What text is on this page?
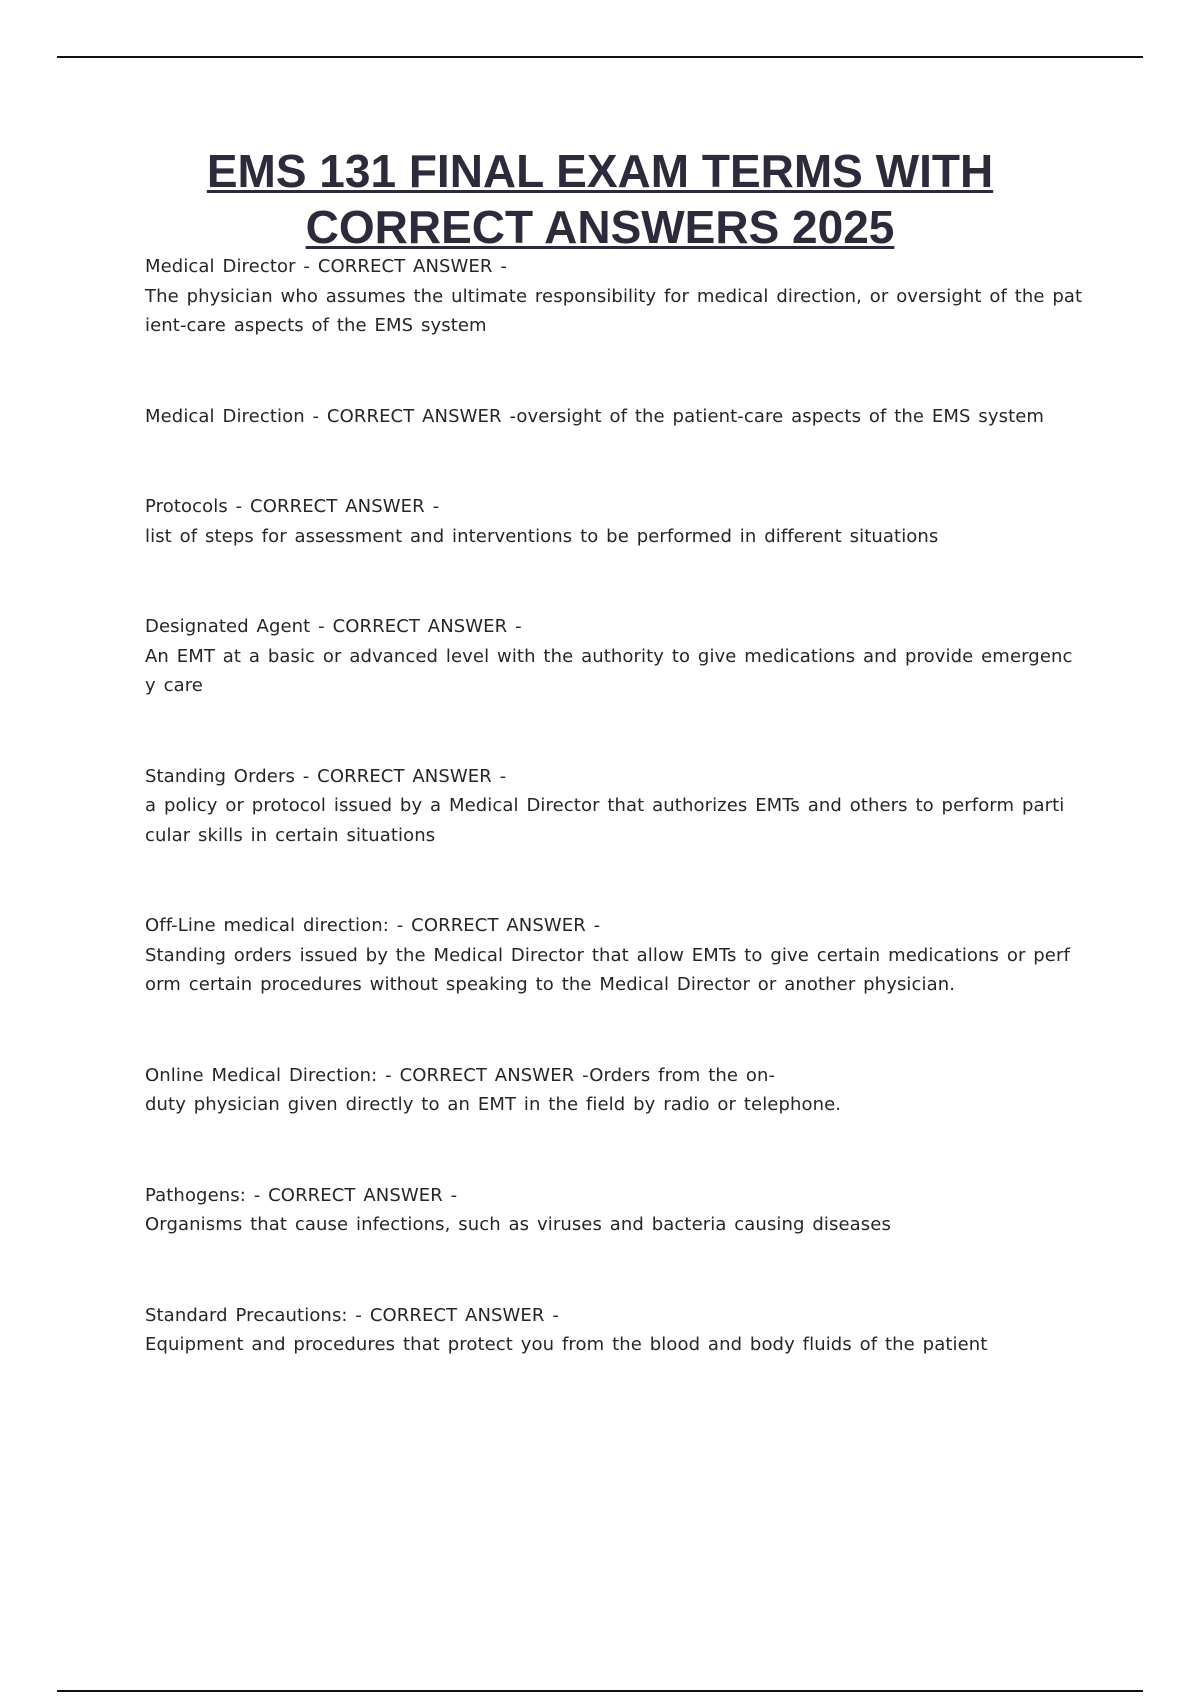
EMS 131 FINAL EXAM TERMS WITH
CORRECT ANSWERS 2025
Medical Director - CORRECT ANSWER -
The physician who assumes the ultimate responsibility for medical direction, or oversight of the pat
ient-care aspects of the EMS system
Medical Direction - CORRECT ANSWER -oversight of the patient-care aspects of the EMS system
Protocols - CORRECT ANSWER -
list of steps for assessment and interventions to be performed in different situations
Designated Agent - CORRECT ANSWER -
An EMT at a basic or advanced level with the authority to give medications and provide emergenc
y care
Standing Orders - CORRECT ANSWER -
a policy or protocol issued by a Medical Director that authorizes EMTs and others to perform parti
cular skills in certain situations
Off-Line medical direction: - CORRECT ANSWER -
Standing orders issued by the Medical Director that allow EMTs to give certain medications or perf
orm certain procedures without speaking to the Medical Director or another physician.
Online Medical Direction: - CORRECT ANSWER -Orders from the on-
duty physician given directly to an EMT in the field by radio or telephone.
Pathogens: - CORRECT ANSWER -
Organisms that cause infections, such as viruses and bacteria causing diseases
Standard Precautions: - CORRECT ANSWER -
Equipment and procedures that protect you from the blood and body fluids of the patient
